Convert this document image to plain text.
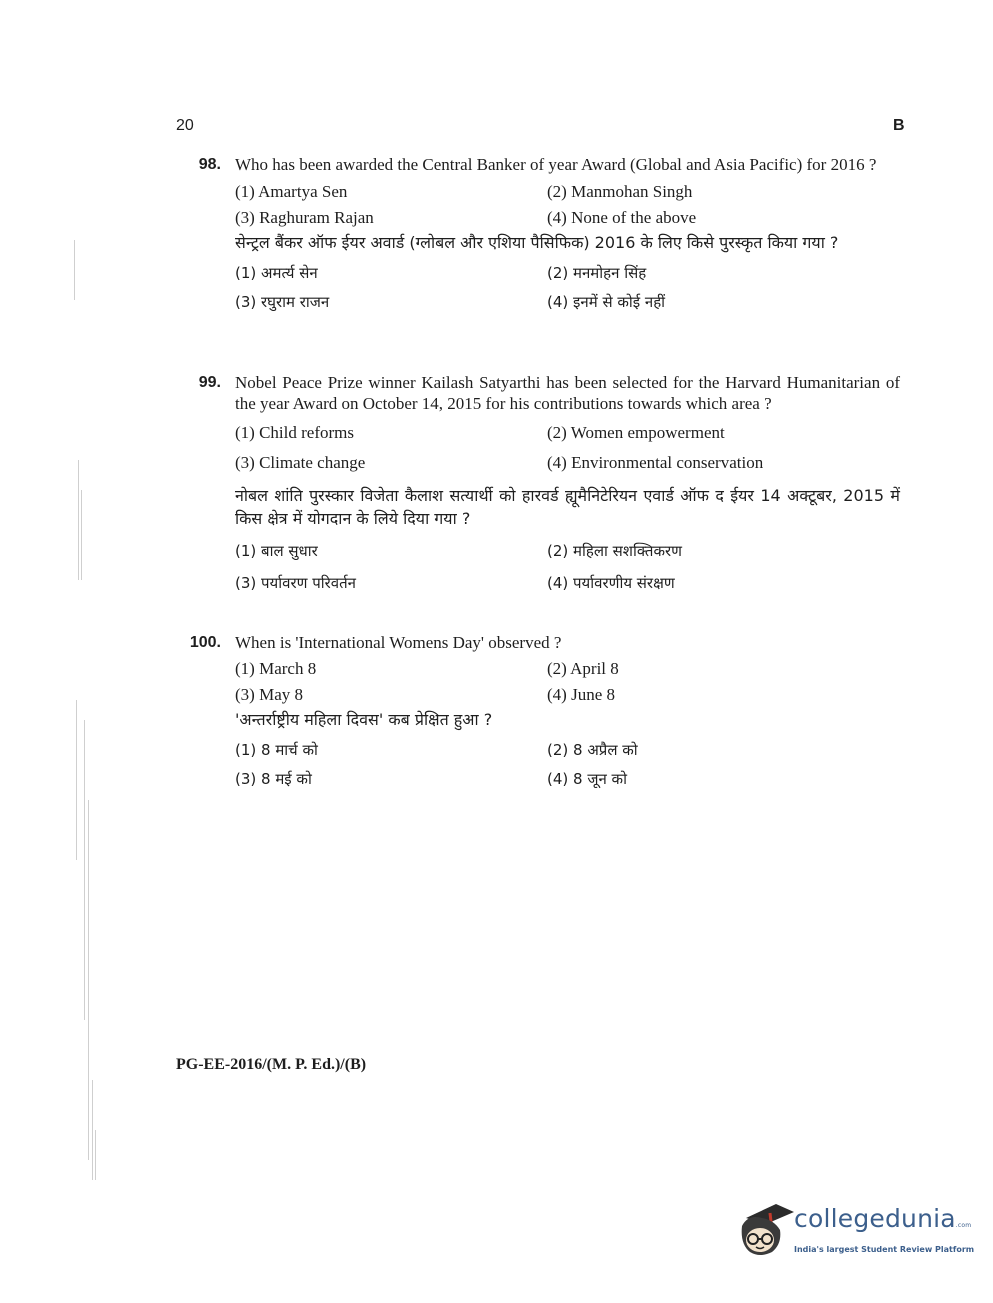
20	B
98. Who has been awarded the Central Banker of year Award (Global and Asia Pacific) for 2016 ?
(1) Amartya Sen	(2) Manmohan Singh
(3) Raghuram Rajan	(4) None of the above
सेन्ट्रल बैंकर ऑफ ईयर अवार्ड (ग्लोबल और एशिया पैसिफिक) 2016 के लिए किसे पुरस्कृत किया गया ?
(1) अमर्त्य सेन	(2) मनमोहन सिंह
(3) रघुराम राजन	(4) इनमें से कोई नहीं
99. Nobel Peace Prize winner Kailash Satyarthi has been selected for the Harvard Humanitarian of the year Award on October 14, 2015 for his contributions towards which area ?
(1) Child reforms	(2) Women empowerment
(3) Climate change	(4) Environmental conservation
नोबल शांति पुरस्कार विजेता कैलाश सत्यार्थी को हारवर्ड ह्यूमैनिटेरियन एवार्ड ऑफ द ईयर 14 अक्टूबर, 2015 में किस क्षेत्र में योगदान के लिये दिया गया ?
(1) बाल सुधार	(2) महिला सशक्तिकरण
(3) पर्यावरण परिवर्तन	(4) पर्यावरणीय संरक्षण
100. When is 'International Womens Day' observed ?
(1) March 8	(2) April 8
(3) May 8	(4) June 8
'अन्तर्राष्ट्रीय महिला दिवस' कब प्रेक्षित हुआ ?
(1) 8 मार्च को	(2) 8 अप्रैल को
(3) 8 मई को	(4) 8 जून को
PG-EE-2016/(M. P. Ed.)/(B)
collegedunia.com
India's largest Student Review Platform
